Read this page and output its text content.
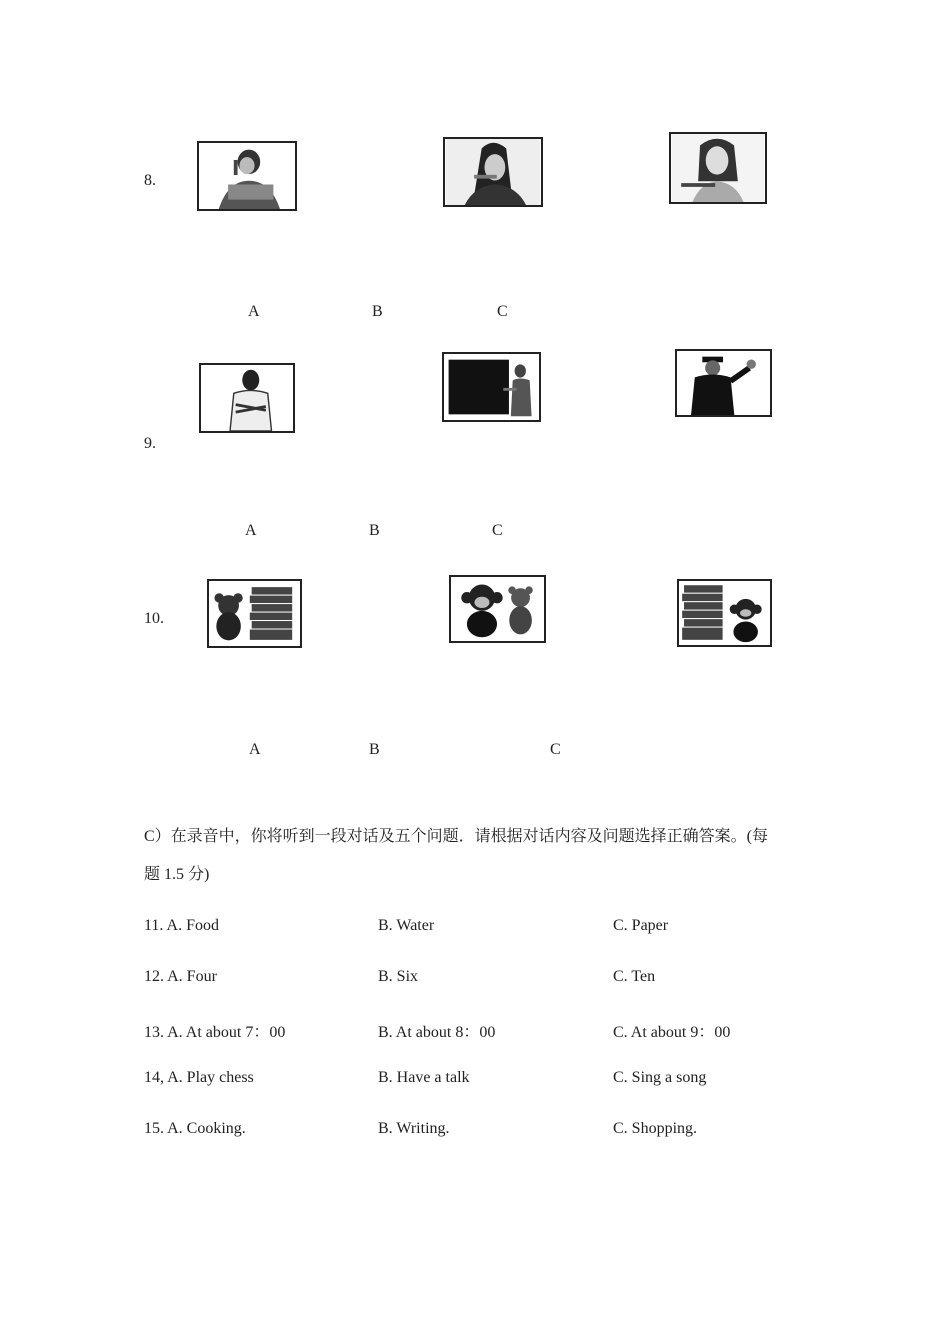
8.
A	B	C
9.
A	B	C
10.
A	B	C
C）在录音中，你将听到一段对话及五个问题．请根据对话内容及问题选择正确答案。(每
题 1.5 分)
11. A. Food	B. Water	C. Paper
12. A. Four	B. Six	C. Ten
13. A. At about 7：00	B. At about 8：00	C. At about 9：00
14, A. Play chess	B. Have a talk	C. Sing a song
15. A. Cooking.	B. Writing.	C. Shopping.
